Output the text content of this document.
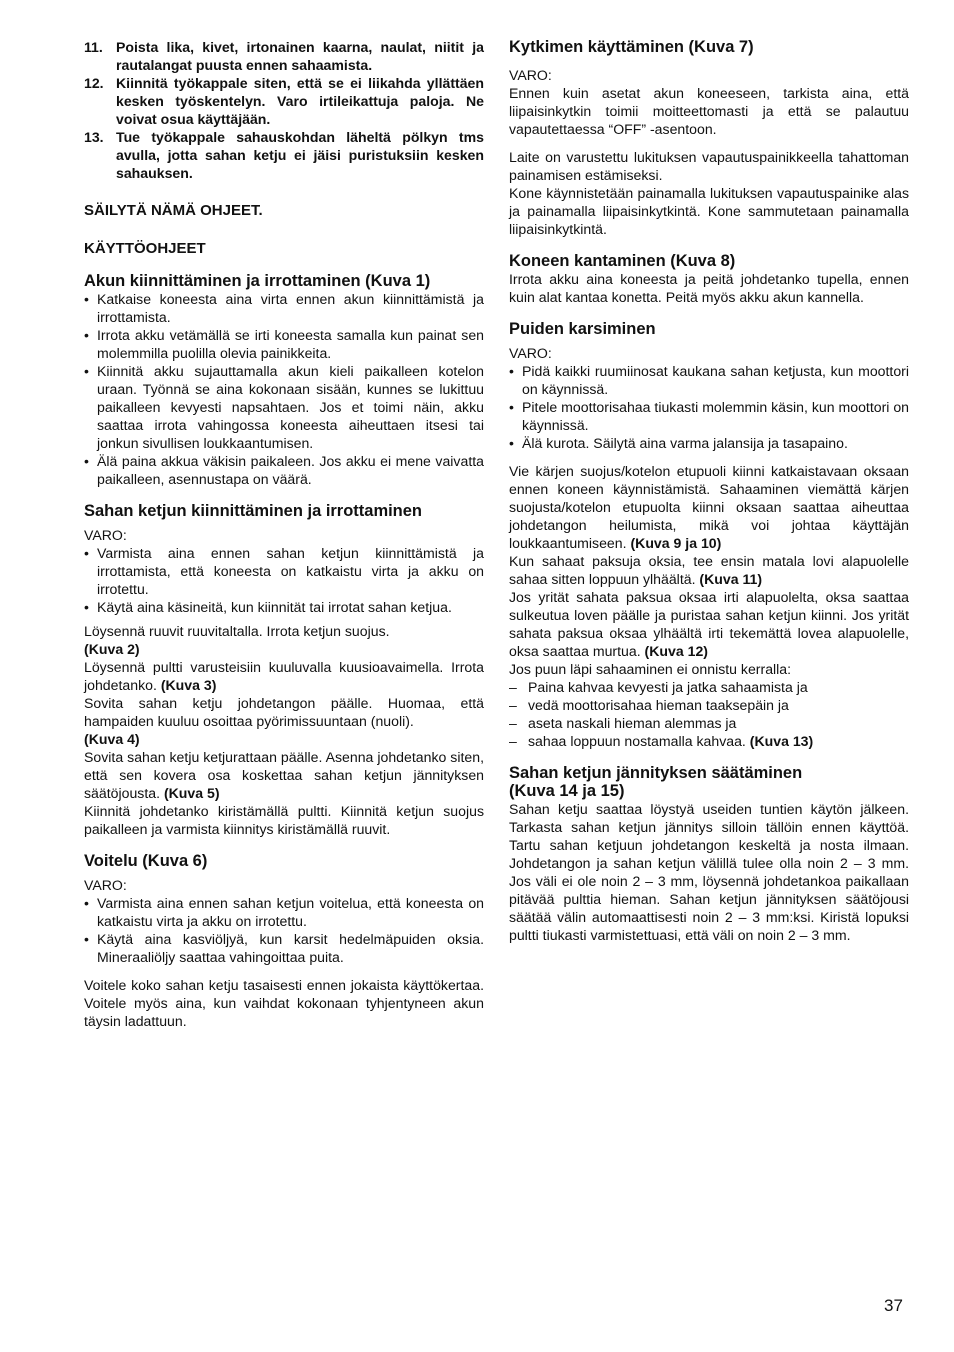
11. Poista lika, kivet, irtonainen kaarna, naulat, niitit ja rautalangat puusta ennen sahaamista.
12. Kiinnitä työkappale siten, että se ei liikahda yllättäen kesken työskentelyn. Varo irtileikattuja paloja. Ne voivat osua käyttäjään.
13. Tue työkappale sahauskohdan läheltä pölkyn tms avulla, jotta sahan ketju ei jäisi puristuksiin kesken sahauksen.
SÄILYTÄ NÄMÄ OHJEET.
KÄYTTÖOHJEET
Akun kiinnittäminen ja irrottaminen (Kuva 1)
• Katkaise koneesta aina virta ennen akun kiinnittämistä ja irrottamista.
• Irrota akku vetämällä se irti koneesta samalla kun painat sen molemmilla puolilla olevia painikkeita.
• Kiinnitä akku sujauttamalla akun kieli paikalleen kotelon uraan. Työnnä se aina kokonaan sisään, kunnes se lukittuu paikalleen kevyesti napsahtaen. Jos et toimi näin, akku saattaa irrota vahingossa koneesta aiheuttaen itsesi tai jonkun sivullisen loukkaantumisen.
• Älä paina akkua väkisin paikaleen. Jos akku ei mene vaivatta paikalleen, asennustapa on väärä.
Sahan ketjun kiinnittäminen ja irrottaminen

VARO:

• Varmista aina ennen sahan ketjun kiinnittämistä ja irrottamista, että koneesta on katkaistu virta ja akku on irrotettu.
• Käytä aina käsineitä, kun kiinnität tai irrotat sahan ketjua.

Löysennä ruuvit ruuvitaltalla. Irrota ketjun suojus.
(Kuva 2)

Löysennä pultti varusteisiin kuuluvalla kuusioavaimella. Irrota johdetanko. (Kuva 3)

Sovita sahan ketju johdetangon päälle. Huomaa, että hampaiden kuuluu osoittaa pyörimissuuntaan (nuoli).
(Kuva 4)

Sovita sahan ketju ketjurattaan päälle. Asenna johdetanko siten, että sen kovera osa koskettaa sahan ketjun jännityksen säätöjousta. (Kuva 5)

Kiinnitä johdetanko kiristämällä pultti. Kiinnitä ketjun suojus paikalleen ja varmista kiinnitys kiristämällä ruuvit.

Voitelu (Kuva 6)

VARO:

• Varmista aina ennen sahan ketjun voitelua, että koneesta on katkaistu virta ja akku on irrotettu.
• Käytä aina kasviöljyä, kun karsit hedelmäpuiden oksia. Mineraaliöljy saattaa vahingoittaa puita.

Voitele koko sahan ketju tasaisesti ennen jokaista käyttökertaa. Voitele myös aina, kun vaihdat kokonaan tyhjentyneen akun täysin ladattuun.

Kytkimen käyttäminen (Kuva 7)

VARO:

Ennen kuin asetat akun koneeseen, tarkista aina, että liipaisinkytkin toimii moitteettomasti ja että se palautuu vapautettaessa “OFF” -asentoon.

Laite on varustettu lukituksen vapautuspainikkeella tahattoman painamisen estämiseksi.

Kone käynnistetään painamalla lukituksen vapautuspainike alas ja painamalla liipaisinkytkintä. Kone sammutetaan painamalla liipaisinkytkintä.

Koneen kantaminen (Kuva 8)

Irrota akku aina koneesta ja peitä johdetanko tupella, ennen kuin alat kantaa konetta. Peitä myös akku akun kannella.

Puiden karsiminen

VARO:

• Pidä kaikki ruumiinosat kaukana sahan ketjusta, kun moottori on käynnissä.
• Pitele moottorisahaa tiukasti molemmin käsin, kun moottori on käynnissä.
• Älä kurota. Säilytä aina varma jalansija ja tasapaino.

Vie kärjen suojus/kotelon etupuoli kiinni katkaistavaan oksaan ennen koneen käynnistämistä. Sahaaminen viemättä kärjen suojusta/kotelon etupuolta kiinni oksaan saattaa aiheuttaa johdetangon heilumista, mikä voi johtaa käyttäjän loukkaantumiseen. (Kuva 9 ja 10)

Kun sahaat paksuja oksia, tee ensin matala lovi alapuolelle sahaa sitten loppuun ylhäältä. (Kuva 11)

Jos yrität sahata paksua oksaa irti alapuolelta, oksa saattaa sulkeutua loven päälle ja puristaa sahan ketjun kiinni. Jos yrität sahata paksua oksaa ylhäältä irti tekemättä lovea alapuolelle, oksa saattaa murtua. (Kuva 12)

Jos puun läpi sahaaminen ei onnistu kerralla:

– Paina kahvaa kevyesti ja jatka sahaamista ja
– vedä moottorisahaa hieman taaksepäin ja
– aseta naskali hieman alemmas ja
– sahaa loppuun nostamalla kahvaa. (Kuva 13)
Sahan ketjun jännityksen säätäminen
(Kuva 14 ja 15)

Sahan ketju saattaa löystyä useiden tuntien käytön jälkeen. Tarkasta sahan ketjun jännitys silloin tällöin ennen käyttöä. Tartu sahan ketjuun johdetangon keskeltä ja nosta ilmaan. Johdetangon ja sahan ketjun välillä tulee olla noin 2 – 3 mm. Jos väli ei ole noin 2 – 3 mm, löysennä johdetankoa paikallaan pitävää pulttia hieman. Sahan ketjun jännityksen säätöjousi säätää välin automaattisesti noin 2 – 3 mm:ksi. Kiristä lopuksi pultti tiukasti varmistettuasi, että väli on noin 2 – 3 mm.

37
